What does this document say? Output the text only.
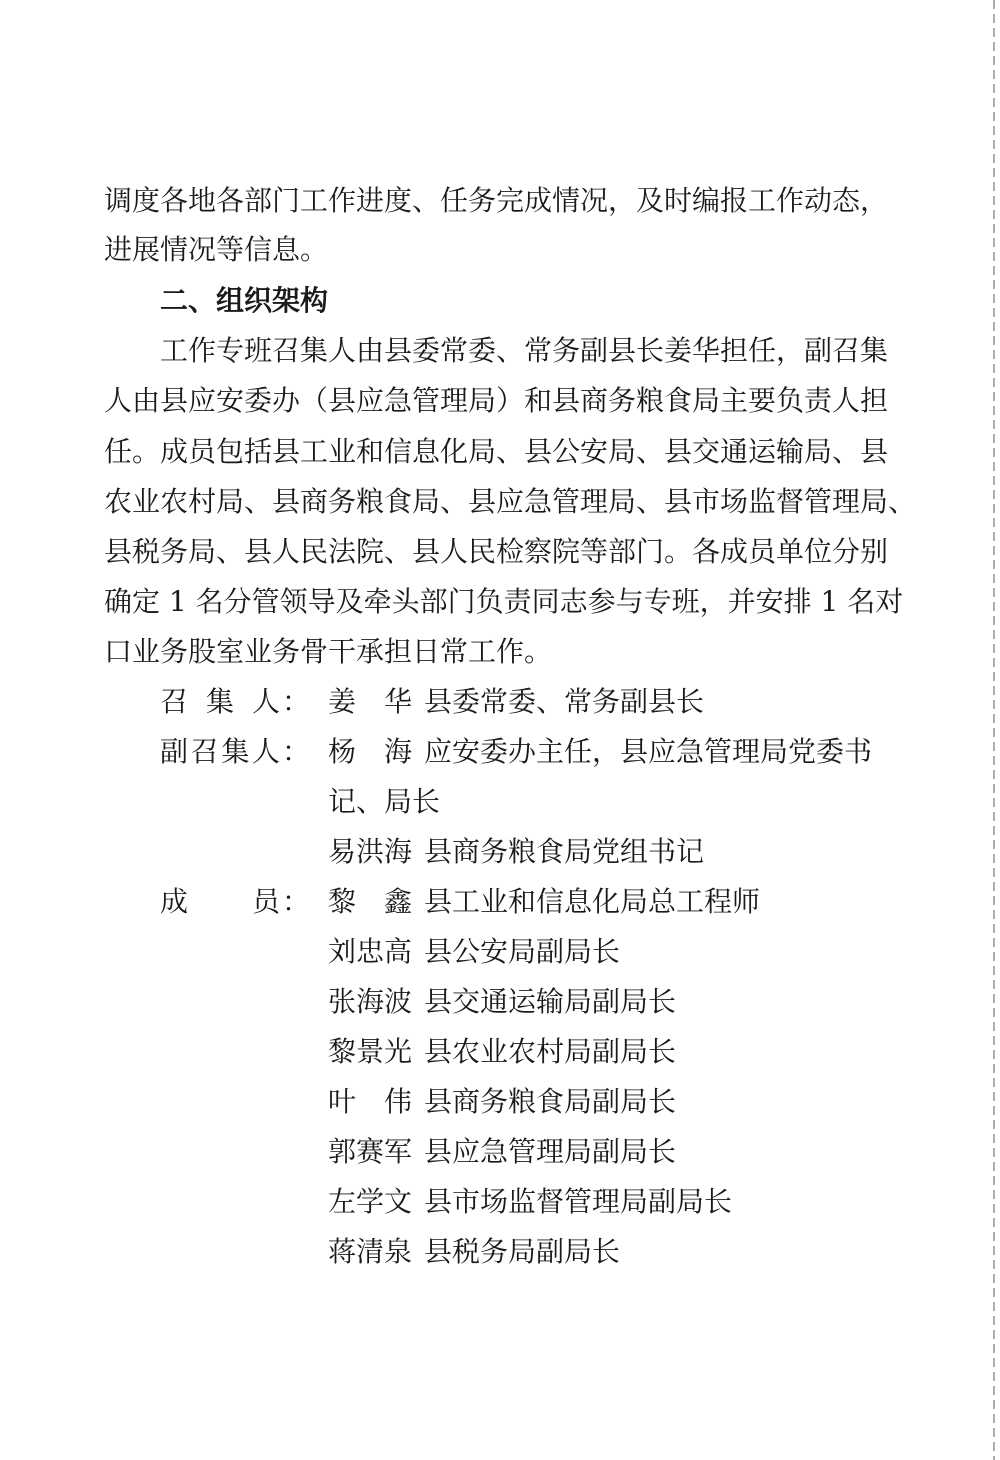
调度各地各部门工作进度、任务完成情况，及时编报工作动态，
进展情况等信息。
二、组织架构
工作专班召集人由县委常委、常务副县长姜华担任，副召集
人由县应安委办（县应急管理局）和县商务粮食局主要负责人担
任。成员包括县工业和信息化局、县公安局、县交通运输局、县
农业农村局、县商务粮食局、县应急管理局、县市场监督管理局、
县税务局、县人民法院、县人民检察院等部门。各成员单位分别
确定 1 名分管领导及牵头部门负责同志参与专班，并安排 1 名对
口业务股室业务骨干承担日常工作。
召集人 ： 姜华 县委常委、常务副县长
副召集人 ： 杨海 应安委办主任，县应急管理局党委书
记、局长
易洪海 县商务粮食局党组书记
成员 ： 黎鑫 县工业和信息化局总工程师
刘忠高 县公安局副局长
张海波 县交通运输局副局长
黎景光 县农业农村局副局长
叶伟 县商务粮食局副局长
郭赛军 县应急管理局副局长
左学文 县市场监督管理局副局长
蒋清泉 县税务局副局长
